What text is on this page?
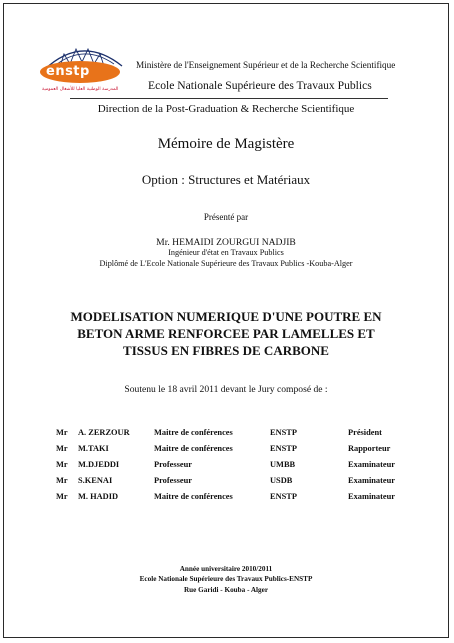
enstp
المدرسة الوطنية العليا للأشغال العمومية
Ministère de l'Enseignement Supérieur et de la Recherche Scientifique
Ecole Nationale Supérieure des Travaux Publics
Direction de la Post-Graduation & Recherche Scientifique
Mémoire de Magistère
Option : Structures et Matériaux
Présenté par
Mr. HEMAIDI ZOURGUI NADJIB
Ingénieur d'état en Travaux Publics
Diplômé de L'Ecole Nationale Supérieure des Travaux Publics -Kouba-Alger
MODELISATION NUMERIQUE D'UNE POUTRE EN
BETON ARME RENFORCEE PAR LAMELLES ET
TISSUS EN FIBRES DE CARBONE
Soutenu le 18 avril 2011 devant le Jury composé de :
Mr A. ZERZOUR	Maitre de conférences	ENSTP	Président
Mr M.TAKI	Maitre de conférences	ENSTP	Rapporteur
Mr M.DJEDDI	Professeur	UMBB	Examinateur
Mr S.KENAI	Professeur	USDB	Examinateur
Mr M. HADID	Maitre de conférences	ENSTP	Examinateur
Année universitaire 2010/2011
Ecole Nationale Supérieure des Travaux Publics-ENSTP
Rue Garidi - Kouba - Alger
